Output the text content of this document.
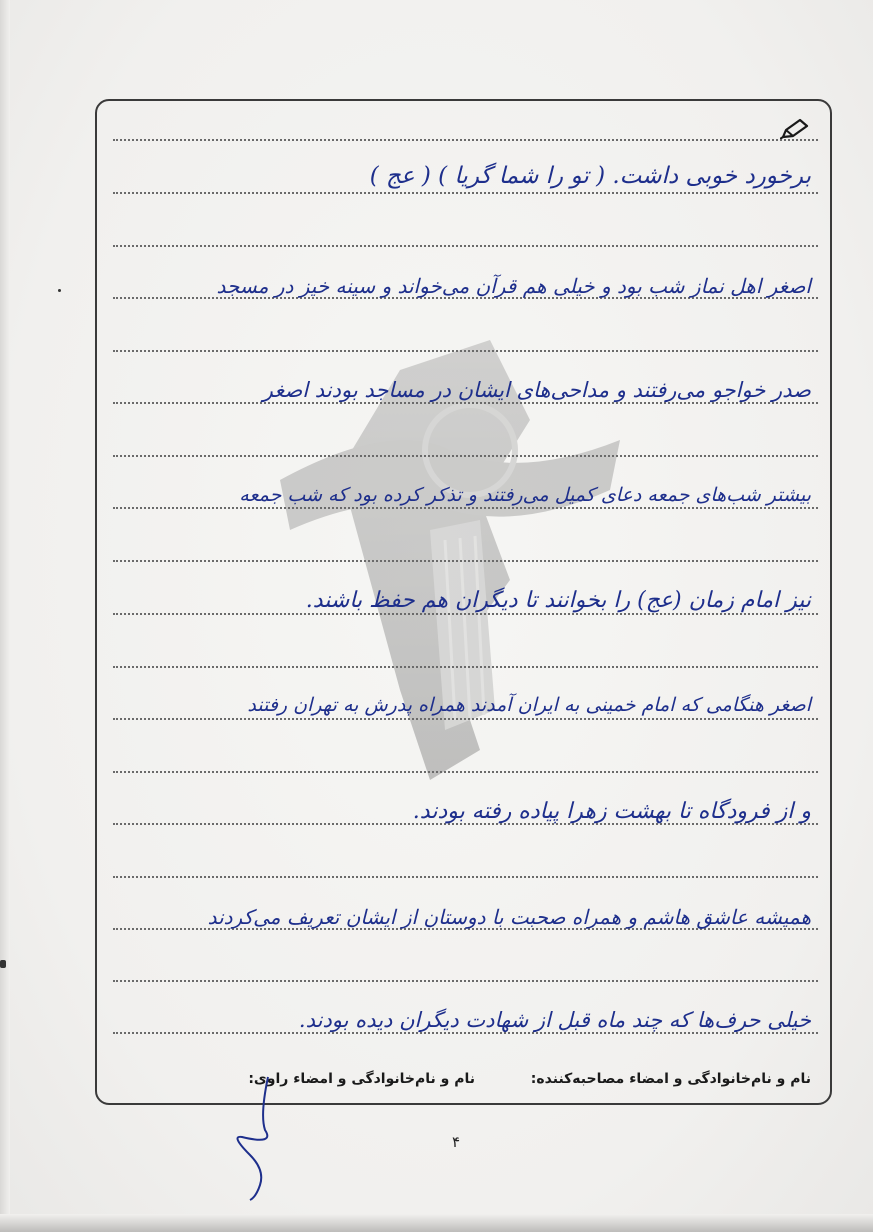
برخورد خوبی داشت. ( تو را شما گریا ) ( عج )
اصغر اهل نماز شب بود و خیلی هم قرآن می‌خواند و سینه خیز در مسجد
صدر خواجو می‌رفتند و مداحی‌های ایشان در مساجد بودند اصغر
بیشتر شب‌های جمعه دعای کمیل می‌رفتند و تذکر کرده بود که شب جمعه
نیز امام زمان (عج) را بخوانند تا دیگران هم حفظ باشند.
اصغر هنگامی که امام خمینی به ایران آمدند همراه پدرش به تهران رفتند
و از فرودگاه تا بهشت زهرا پیاده رفته بودند.
همیشه عاشق هاشم و همراه صحبت با دوستان از ایشان تعریف می‌کردند
خیلی حرف‌ها که چند ماه قبل از شهادت دیگران دیده بودند.
نام و نام‌خانوادگی و امضاء مصاحبه‌کننده:
نام و نام‌خانوادگی و امضاء راوی:
۴
